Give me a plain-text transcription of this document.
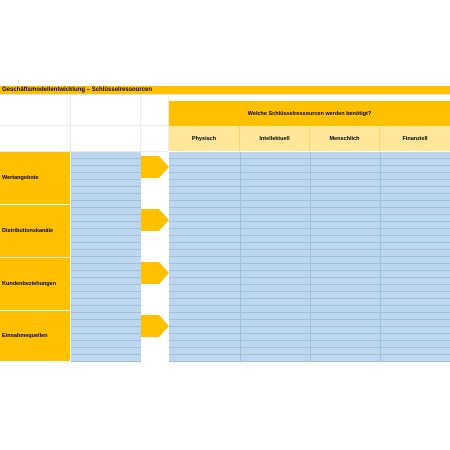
Geschäftsmodellentwicklung – Schlüsselressourcen
Welche Schlüsselressourcen werden benötigt?
Physisch	Intellektuell	Menschlich	Finanziell
Wertangebote
Distributionskanäle
Kundenbeziehungen
Einnahmequellen
